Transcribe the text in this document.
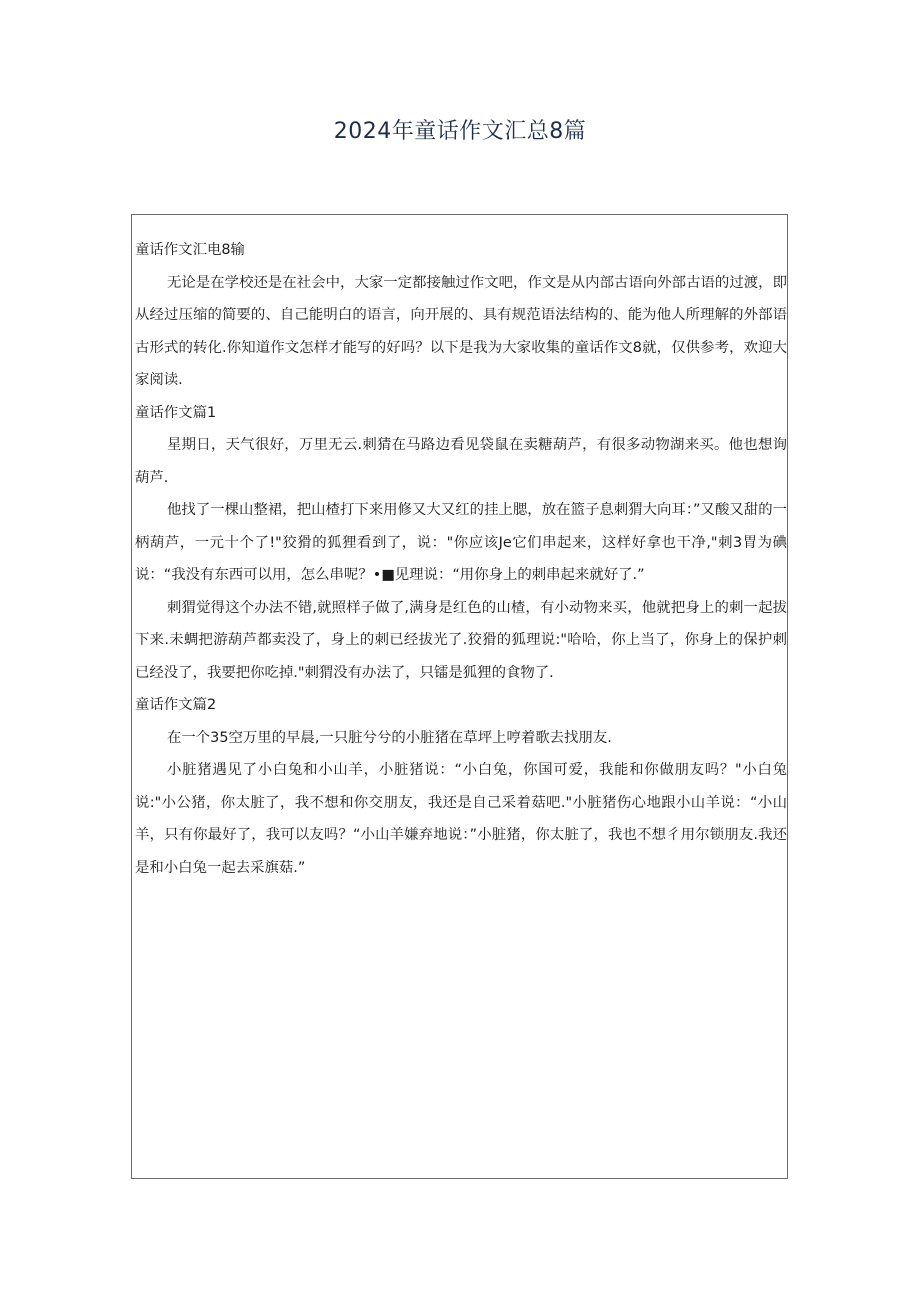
2024年童话作文汇总8篇

童话作文汇电8输

无论是在学校还是在社会中，大家一定都接触过作文吧，作文是从内部古语向外部古语的过渡，即从经过压缩的简要的、自己能明白的语言，向开展的、具有规范语法结构的、能为他人所理解的外部语古形式的转化.你知道作文怎样才能写的好吗？以下是我为大家收集的童话作文8就，仅供参考，欢迎大家阅读.

童话作文篇1

星期日，天气很好，万里无云.刺猜在马路边看见袋鼠在卖糖葫芦，有很多动物湖来买。他也想询葫芦.

他找了一棵山整裙，把山楂打下来用修又大又红的挂上腮，放在篮子息刺猬大向耳：”又酸又甜的一柄葫芦，一元十个了!"狡猾的狐狸看到了，说："你应该Je它们串起来，这样好拿也干净,"刺3胃为碘说：“我没有东西可以用，怎么串呢？•■见理说：“用你身上的刺串起来就好了.”

刺猬觉得这个办法不错,就照样子做了,满身是红色的山楂，有小动物来买，他就把身上的刺一起拔下来.未蜩把游葫芦都卖没了，身上的刺已经拔光了.狡猾的狐理说:"哈哈，你上当了，你身上的保护刺已经没了，我要把你吃掉."刺猬没有办法了，只镭是狐狸的食物了.

童话作文篇2

在一个35空万里的早晨,一只脏兮兮的小脏猪在草坪上哼着歌去找朋友.

小脏猪遇见了小白兔和小山羊，小脏猪说：“小白兔，你国可爱，我能和你做朋友吗？"小白兔说:"小公猪，你太脏了，我不想和你交朋友，我还是自己采着菇吧."小脏猪伤心地跟小山羊说：“小山羊，只有你最好了，我可以友吗？“小山羊嫌弃地说：”小脏猪，你太脏了，我也不想彳用尔锁朋友.我还是和小白兔一起去采旗菇.”
